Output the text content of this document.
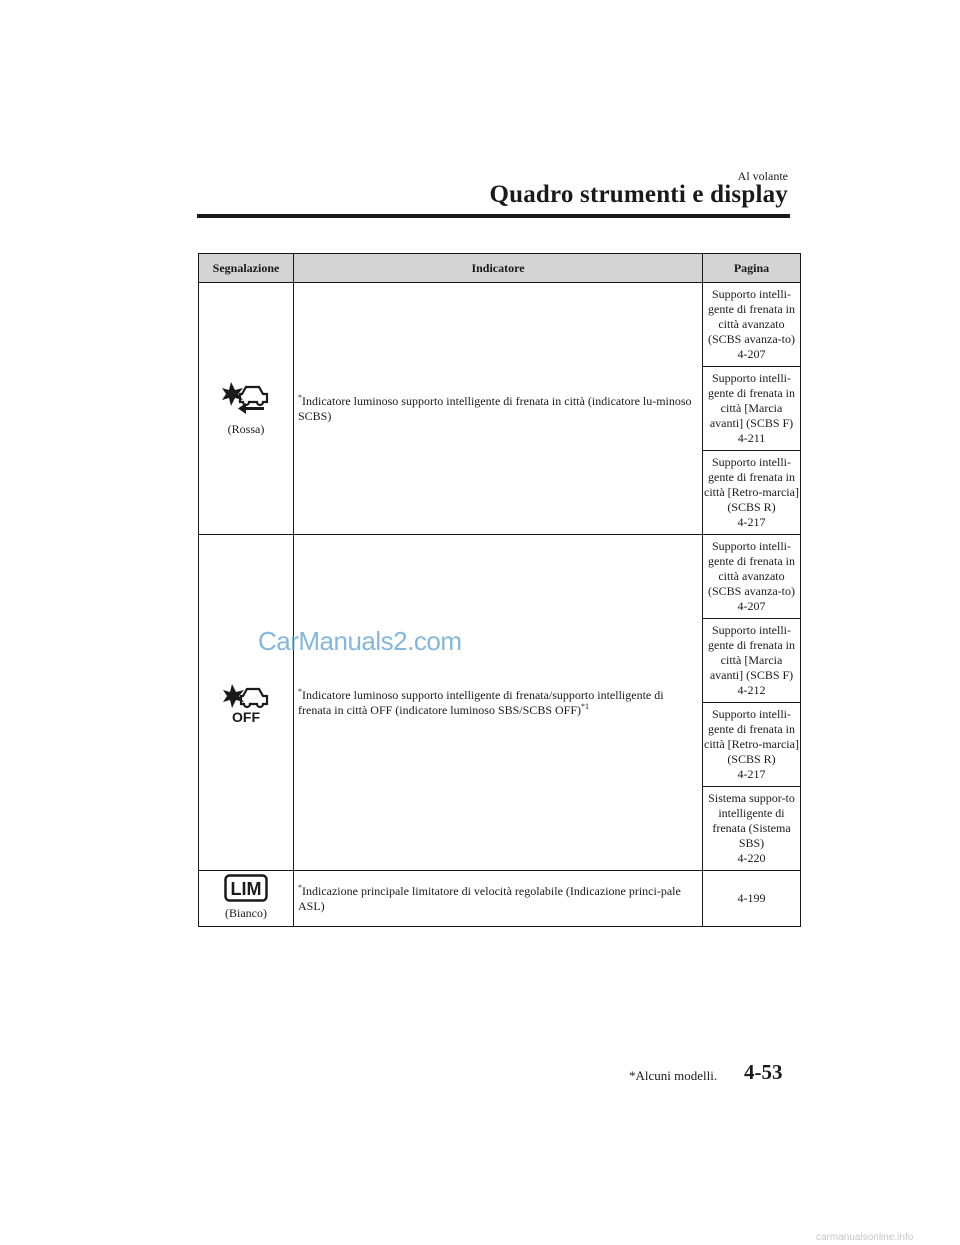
Al volante
Quadro strumenti e display
Segnalazione	Indicatore	Pagina

(Rossa)	*Indicatore luminoso supporto intelligente di frenata in città (indicatore lu-minoso SCBS)	Supporto intelli-gente di frenata in città avanzato (SCBS avanza-to)
4-207

		Supporto intelli-gente di frenata in città [Marcia avanti] (SCBS F)
4-211

		Supporto intelli-gente di frenata in città [Retro-marcia] (SCBS R)
4-217

OFF	*Indicatore luminoso supporto intelligente di frenata/supporto intelligente di frenata in città OFF (indicatore luminoso SBS/SCBS OFF)$^{*1}$	Supporto intelli-gente di frenata in città avanzato (SCBS avanza-to)
4-207

		Supporto intelli-gente di frenata in città [Marcia avanti] (SCBS F)
4-212

		Supporto intelli-gente di frenata in città [Retro-marcia] (SCBS R)
4-217

		Sistema suppor-to intelligente di frenata (Sistema SBS)
4-220

LIM
(Bianco)	*Indicazione principale limitatore di velocità regolabile (Indicazione princi-pale ASL)	4-199
CarManuals2.com
*Alcuni modelli. 4-53
carmanualsonline.info
